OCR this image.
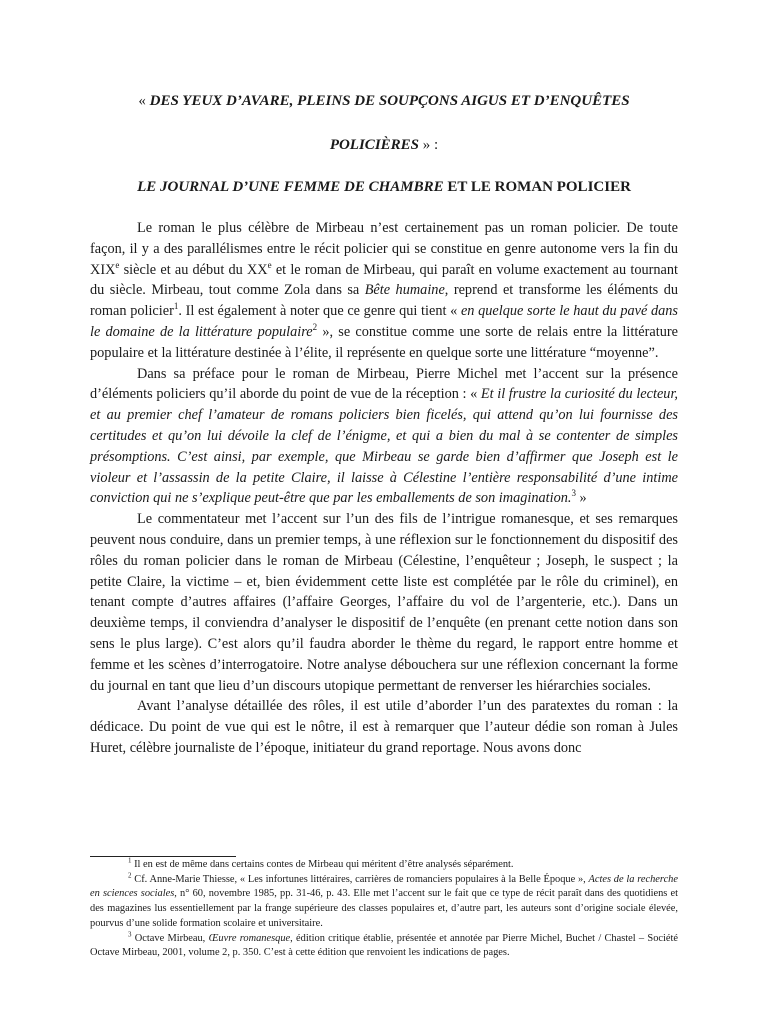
« DES YEUX D’AVARE, PLEINS DE SOUPÇONS AIGUS ET D’ENQUÊTES
POLICIÈRES » :
LE JOURNAL D’UNE FEMME DE CHAMBRE ET LE ROMAN POLICIER

Le roman le plus célèbre de Mirbeau n’est certainement pas un roman policier. De toute façon, il y a des parallélismes entre le récit policier qui se constitue en genre autonome vers la fin du XIXe siècle et au début du XXe et le roman de Mirbeau, qui paraît en volume exactement au tournant du siècle. Mirbeau, tout comme Zola dans sa Bête humaine, reprend et transforme les éléments du roman policier$^1$. Il est également à noter que ce genre qui tient « en quelque sorte le haut du pavé dans le domaine de la littérature populaire$^2$ », se constitue comme une sorte de relais entre la littérature populaire et la littérature destinée à l’élite, il représente en quelque sorte une littérature “moyenne”.

Dans sa préface pour le roman de Mirbeau, Pierre Michel met l’accent sur la présence d’éléments policiers qu’il aborde du point de vue de la réception : « Et il frustre la curiosité du lecteur, et au premier chef l’amateur de romans policiers bien ficelés, qui attend qu’on lui fournisse des certitudes et qu’on lui dévoile la clef de l’énigme, et qui a bien du mal à se contenter de simples présomptions. C’est ainsi, par exemple, que Mirbeau se garde bien d’affirmer que Joseph est le violeur et l’assassin de la petite Claire, il laisse à Célestine l’entière responsabilité d’une intime conviction qui ne s’explique peut-être que par les emballements de son imagination.$^3$ »

Le commentateur met l’accent sur l’un des fils de l’intrigue romanesque, et ses remarques peuvent nous conduire, dans un premier temps, à une réflexion sur le fonctionnement du dispositif des rôles du roman policier dans le roman de Mirbeau (Célestine, l’enquêteur ; Joseph, le suspect ; la petite Claire, la victime – et, bien évidemment cette liste est complétée par le rôle du criminel), en tenant compte d’autres affaires (l’affaire Georges, l’affaire du vol de l’argenterie, etc.). Dans un deuxième temps, il conviendra d’analyser le dispositif de l’enquête (en prenant cette notion dans son sens le plus large). C’est alors qu’il faudra aborder le thème du regard, le rapport entre homme et femme et les scènes d’interrogatoire. Notre analyse débouchera sur une réflexion concernant la forme du journal en tant que lieu d’un discours utopique permettant de renverser les hiérarchies sociales.

Avant l’analyse détaillée des rôles, il est utile d’aborder l’un des paratextes du roman : la dédicace. Du point de vue qui est le nôtre, il est à remarquer que l’auteur dédie son roman à Jules Huret, célèbre journaliste de l’époque, initiateur du grand reportage. Nous avons donc

$^1$ Il en est de même dans certains contes de Mirbeau qui méritent d’être analysés séparément.

$^2$ Cf. Anne-Marie Thiesse, « Les infortunes littéraires, carrières de romanciers populaires à la Belle Époque », Actes de la recherche en sciences sociales, n° 60, novembre 1985, pp. 31-46, p. 43. Elle met l’accent sur le fait que ce type de récit paraît dans des quotidiens et des magazines lus essentiellement par la frange supérieure des classes populaires et, d’autre part, les auteurs sont d’origine sociale élevée, pourvus d’une solide formation scolaire et universitaire.

$^3$ Octave Mirbeau, Œuvre romanesque, édition critique établie, présentée et annotée par Pierre Michel, Buchet / Chastel – Société Octave Mirbeau, 2001, volume 2, p. 350. C’est à cette édition que renvoient les indications de pages.
